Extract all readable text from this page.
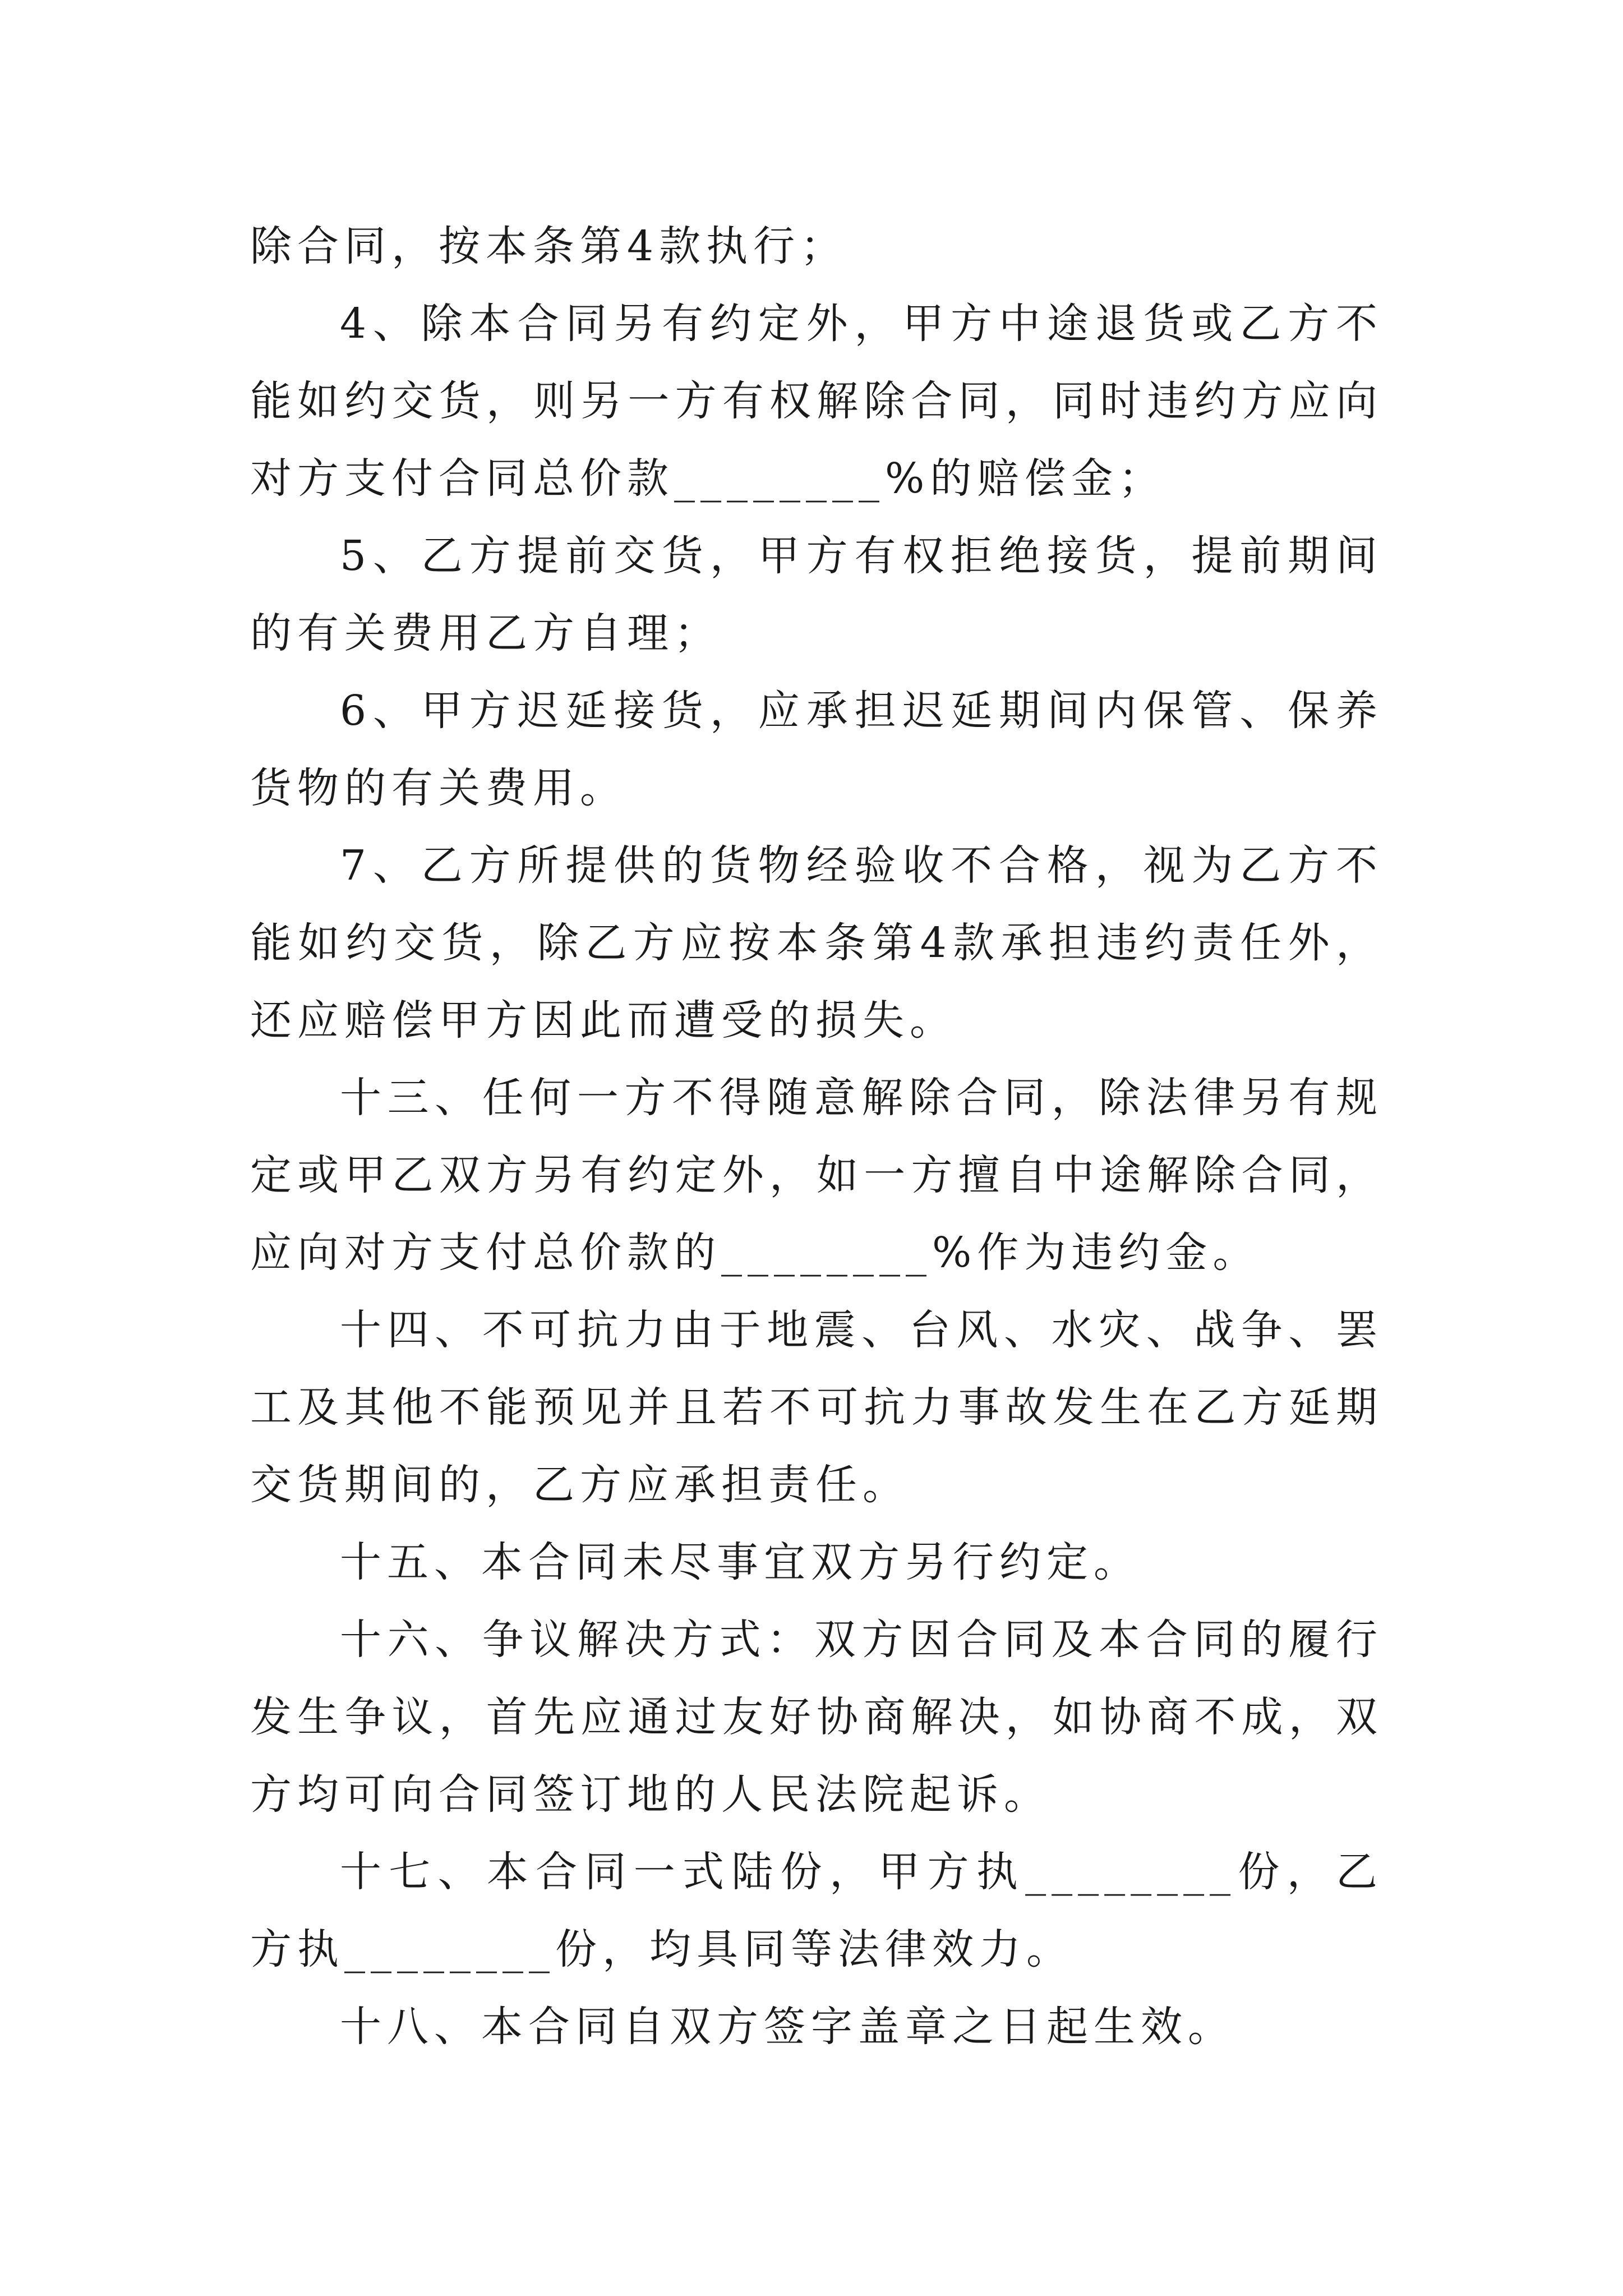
除合同，按本条第4款执行；

4、除本合同另有约定外，甲方中途退货或乙方不能如约交货，则另一方有权解除合同，同时违约方应向对方支付合同总价款________%的赔偿金；

5、乙方提前交货，甲方有权拒绝接货，提前期间的有关费用乙方自理；

6、甲方迟延接货，应承担迟延期间内保管、保养货物的有关费用。

7、乙方所提供的货物经验收不合格，视为乙方不能如约交货，除乙方应按本条第4款承担违约责任外，还应赔偿甲方因此而遭受的损失。

十三、任何一方不得随意解除合同，除法律另有规定或甲乙双方另有约定外，如一方擅自中途解除合同，应向对方支付总价款的________%作为违约金。

十四、不可抗力由于地震、台风、水灾、战争、罢工及其他不能预见并且若不可抗力事故发生在乙方延期交货期间的，乙方应承担责任。

十五、本合同未尽事宜双方另行约定。

十六、争议解决方式：双方因合同及本合同的履行发生争议，首先应通过友好协商解决，如协商不成，双方均可向合同签订地的人民法院起诉。

十七、本合同一式陆份，甲方执________份，乙方执________份，均具同等法律效力。

十八、本合同自双方签字盖章之日起生效。
